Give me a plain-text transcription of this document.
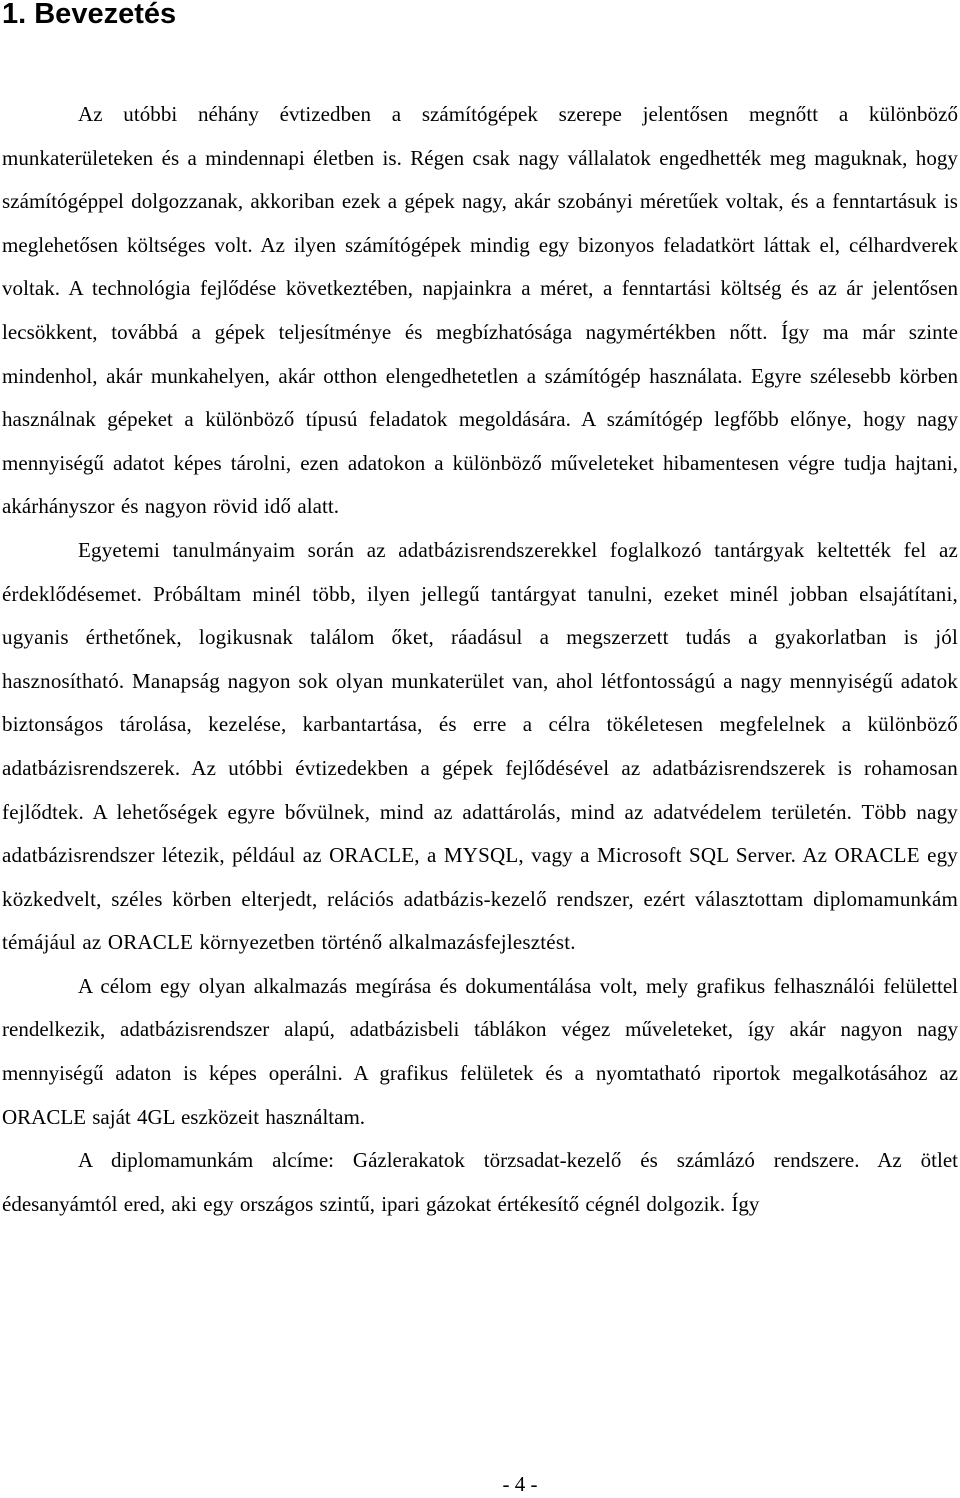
1. Bevezetés

Az utóbbi néhány évtizedben a számítógépek szerepe jelentősen megnőtt a különböző munkaterületeken és a mindennapi életben is. Régen csak nagy vállalatok engedhették meg maguknak, hogy számítógéppel dolgozzanak, akkoriban ezek a gépek nagy, akár szobányi méretűek voltak, és a fenntartásuk is meglehetősen költséges volt. Az ilyen számítógépek mindig egy bizonyos feladatkört láttak el, célhardverek voltak. A technológia fejlődése következtében, napjainkra a méret, a fenntartási költség és az ár jelentősen lecsökkent, továbbá a gépek teljesítménye és megbízhatósága nagymértékben nőtt. Így ma már szinte mindenhol, akár munkahelyen, akár otthon elengedhetetlen a számítógép használata. Egyre szélesebb körben használnak gépeket a különböző típusú feladatok megoldására. A számítógép legfőbb előnye, hogy nagy mennyiségű adatot képes tárolni, ezen adatokon a különböző műveleteket hibamentesen végre tudja hajtani, akárhányszor és nagyon rövid idő alatt.

Egyetemi tanulmányaim során az adatbázisrendszerekkel foglalkozó tantárgyak keltették fel az érdeklődésemet. Próbáltam minél több, ilyen jellegű tantárgyat tanulni, ezeket minél jobban elsajátítani, ugyanis érthetőnek, logikusnak találom őket, ráadásul a megszerzett tudás a gyakorlatban is jól hasznosítható. Manapság nagyon sok olyan munkaterület van, ahol létfontosságú a nagy mennyiségű adatok biztonságos tárolása, kezelése, karbantartása, és erre a célra tökéletesen megfelelnek a különböző adatbázisrendszerek. Az utóbbi évtizedekben a gépek fejlődésével az adatbázisrendszerek is rohamosan fejlődtek. A lehetőségek egyre bővülnek, mind az adattárolás, mind az adatvédelem területén. Több nagy adatbázisrendszer létezik, például az ORACLE, a MYSQL, vagy a Microsoft SQL Server. Az ORACLE egy közkedvelt, széles körben elterjedt, relációs adatbázis-kezelő rendszer, ezért választottam diplomamunkám témájául az ORACLE környezetben történő alkalmazásfejlesztést.

A célom egy olyan alkalmazás megírása és dokumentálása volt, mely grafikus felhasználói felülettel rendelkezik, adatbázisrendszer alapú, adatbázisbeli táblákon végez műveleteket, így akár nagyon nagy mennyiségű adaton is képes operálni. A grafikus felületek és a nyomtatható riportok megalkotásához az ORACLE saját 4GL eszközeit használtam.

A diplomamunkám alcíme: Gázlerakatok törzsadat-kezelő és számlázó rendszere. Az ötlet édesanyámtól ered, aki egy országos szintű, ipari gázokat értékesítő cégnél dolgozik. Így

- 4 -
